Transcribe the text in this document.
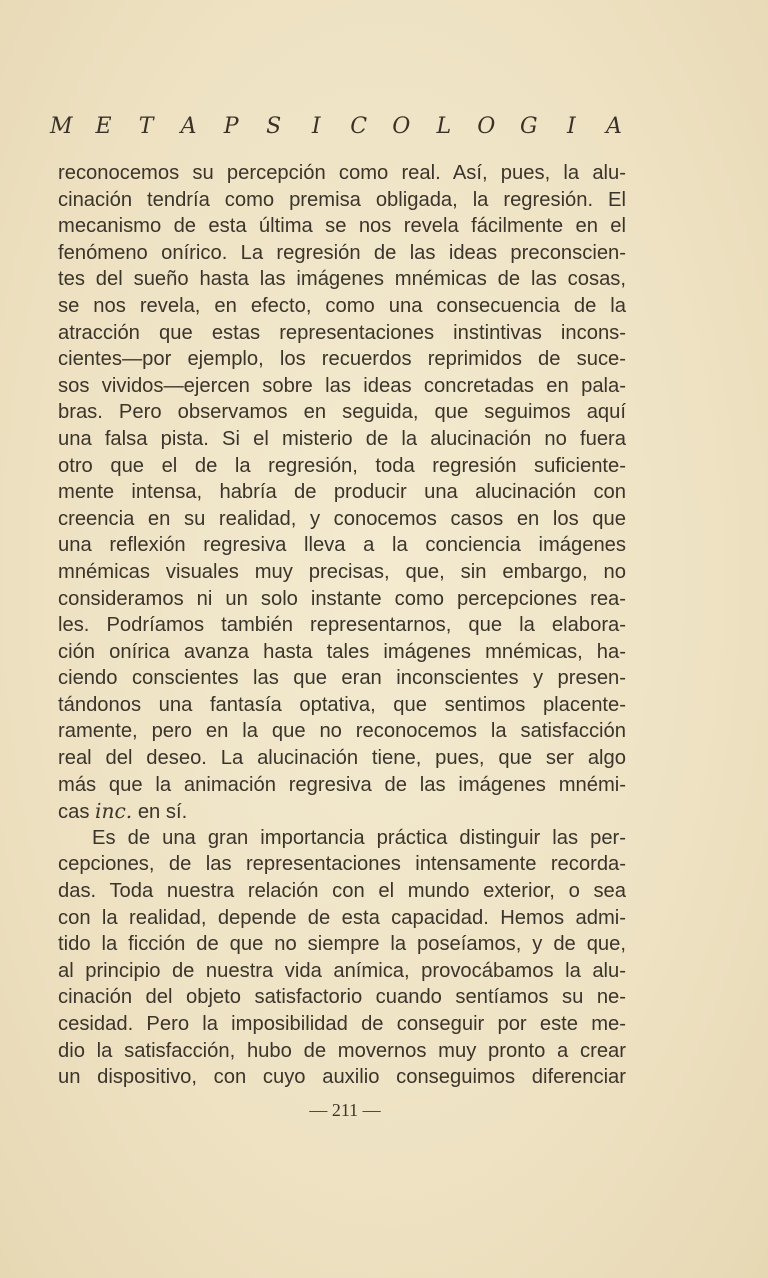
M E T A P S	I	C O L O G	I	A
reconocemos su percepción como real. Así, pues, la alu-
cinación tendría como premisa obligada, la regresión. El
mecanismo de esta última se nos revela fácilmente en el
fenómeno onírico. La regresión de las ideas preconscien-
tes del sueño hasta las imágenes mnémicas de las cosas,
se nos revela, en efecto, como una consecuencia de la
atracción que estas representaciones instintivas incons-
cientes—por ejemplo, los recuerdos reprimidos de suce-
sos vividos—ejercen sobre las ideas concretadas en pala-
bras. Pero observamos en seguida, que seguimos aquí
una falsa pista. Si el misterio de la alucinación no fuera
otro que el de la regresión, toda regresión suficiente-
mente intensa, habría de producir una alucinación con
creencia en su realidad, y conocemos casos en los que
una reflexión regresiva lleva a la conciencia imágenes
mnémicas visuales muy precisas, que, sin embargo, no
consideramos ni un solo instante como percepciones rea-
les. Podríamos también representarnos, que la elabora-
ción onírica avanza hasta tales imágenes mnémicas, ha-
ciendo conscientes las que eran inconscientes y presen-
tándonos una fantasía optativa, que sentimos placente-
ramente, pero en la que no reconocemos la satisfacción
real del deseo. La alucinación tiene, pues, que ser algo
más que la animación regresiva de las imágenes mnémi-
cas inc. en sí.
Es de una gran importancia práctica distinguir las per-
cepciones, de las representaciones intensamente recorda-
das. Toda nuestra relación con el mundo exterior, o sea
con la realidad, depende de esta capacidad. Hemos admi-
tido la ficción de que no siempre la poseíamos, y de que,
al principio de nuestra vida anímica, provocábamos la alu-
cinación del objeto satisfactorio cuando sentíamos su ne-
cesidad. Pero la imposibilidad de conseguir por este me-
dio la satisfacción, hubo de movernos muy pronto a crear
un dispositivo, con cuyo auxilio conseguimos diferenciar
— 211 —
